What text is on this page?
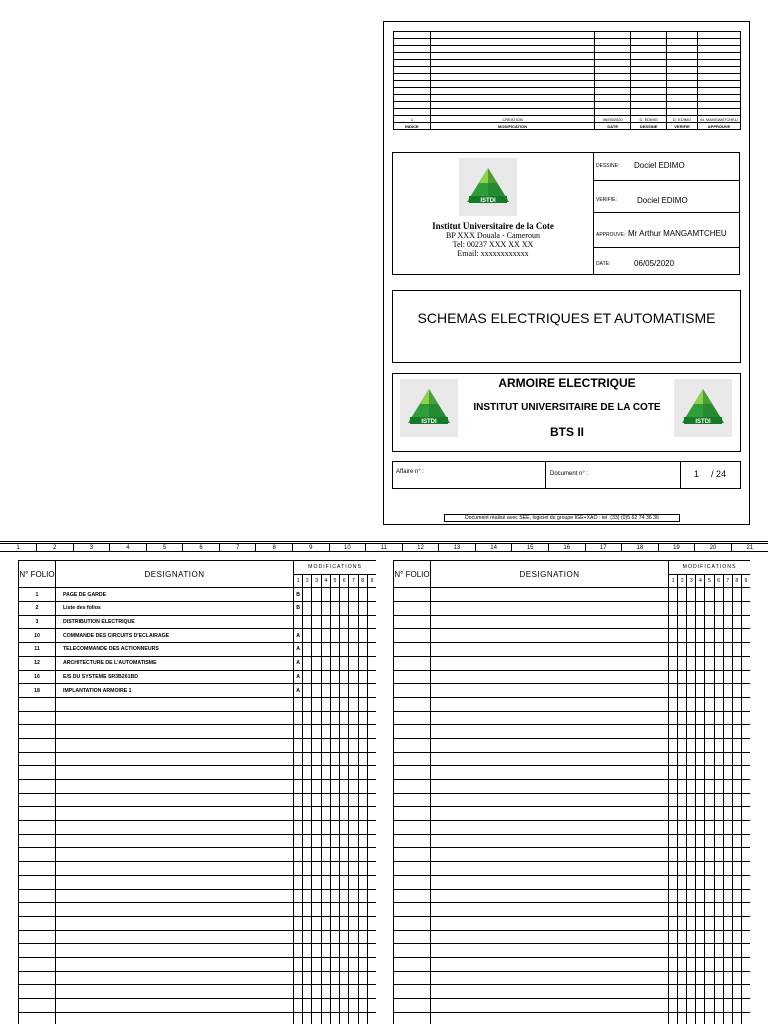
1	CREATION	06/05/2020	D. EDIMO	D. EDIMO	M. MANGAMTCHEU
INDICE	MODIFICATION	DATE	DESSINE	VERIFIE	APPROUVE
ISTDI
Institut Universitaire de la Cote
BP XXX Douala - Cameroun
Tel: 00237 XXX XX XX
Email: xxxxxxxxxxxx
DESSINE: Dociel EDIMO
VERIFIE:	Dociel EDIMO
APPROUVE: Mr Arthur MANGAMTCHEU
DATE:	06/05/2020
SCHEMAS ELECTRIQUES ET AUTOMATISME
ISTDI	ISTDI
ARMOIRE ELECTRIQUE
INSTITUT UNIVERSITAIRE DE LA COTE
BTS II
Affaire n° :	Document n° :	1 / 24
Document réalisé avec SEE, logiciel du groupe IGE+XAO : tel. (33) (0)5 62 74 36 36
1	2	3	4	5	6	7	8	9	10	11	12	13	14	15	16	17	18	19	20	21
N° FOLIO	DESIGNATION	MODIFICATIONS								
		1	2	3	4	5	6	7	8	9
1	PAGE DE GARDE	B								
2	Liste des folios	B								
3	DISTRIBUTION ELECTRIQUE									
10	COMMANDE DES CIRCUITS D'ECLAIRAGE	A								
11	TELECOMMANDE DES ACTIONNEURS	A								
12	ARCHITECTURE DE L'AUTOMATISME	A								
16	E/S DU SYSTEME SR3B261BD	A								
18	IMPLANTATION ARMOIRE 1	A								

N° FOLIO	DESIGNATION	MODIFICATIONS								
		1	2	3	4	5	6	7	8	9
